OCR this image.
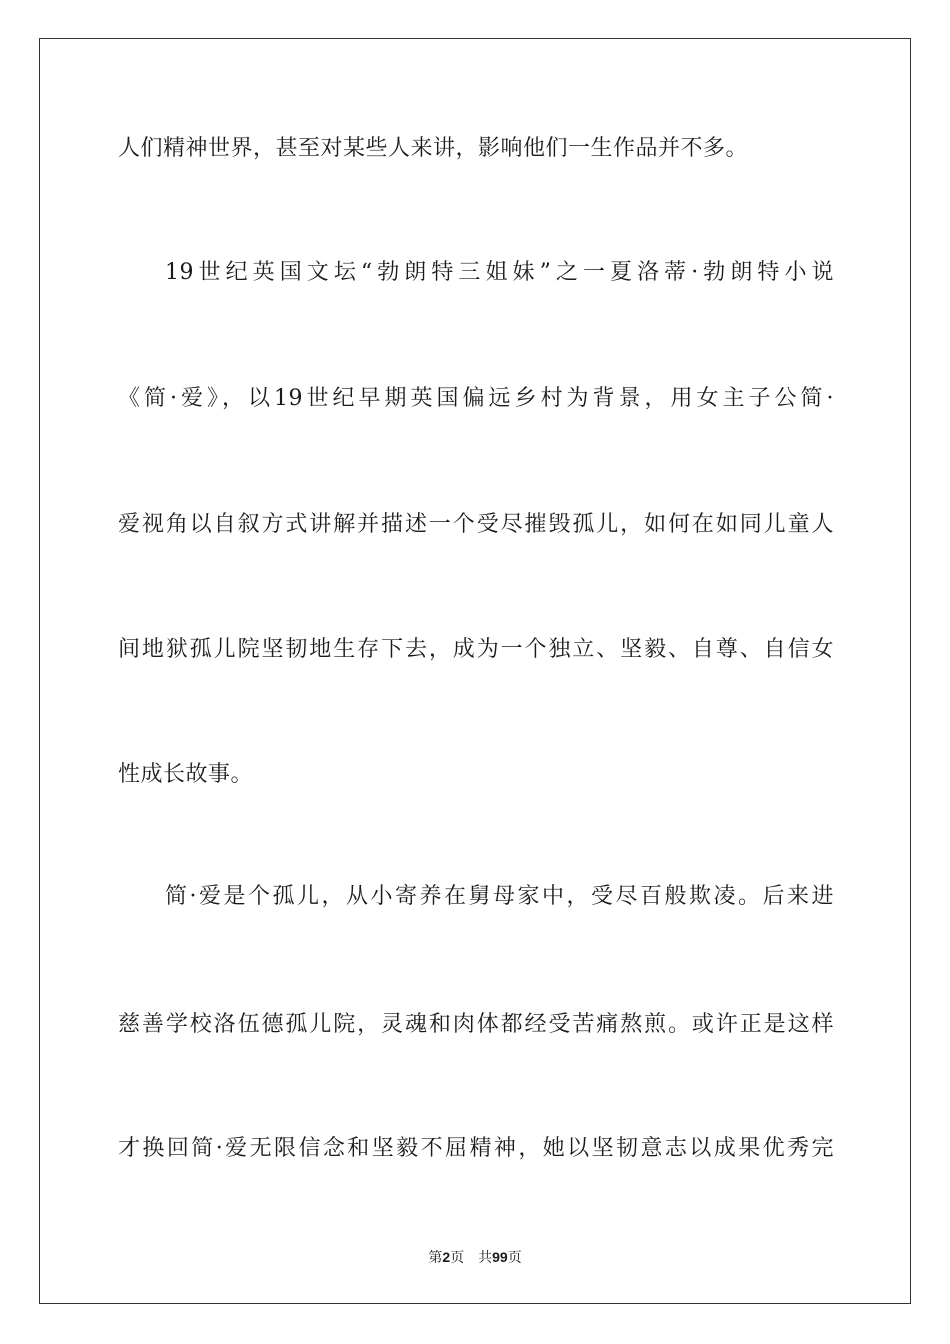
人们精神世界，甚至对某些人来讲，影响他们一生作品并不多。
19世纪英国文坛“勃朗特三姐妹”之一夏洛蒂·勃朗特小说
《简·爱》，以19世纪早期英国偏远乡村为背景，用女主子公简·
爱视角以自叙方式讲解并描述一个受尽摧毁孤儿，如何在如同儿童人
间地狱孤儿院坚韧地生存下去，成为一个独立、坚毅、自尊、自信女
性成长故事。
简·爱是个孤儿，从小寄养在舅母家中，受尽百般欺凌。后来进
慈善学校洛伍德孤儿院，灵魂和肉体都经受苦痛熬煎。或许正是这样
才换回简·爱无限信念和坚毅不屈精神，她以坚韧意志以成果优秀完
第2页 共99页
